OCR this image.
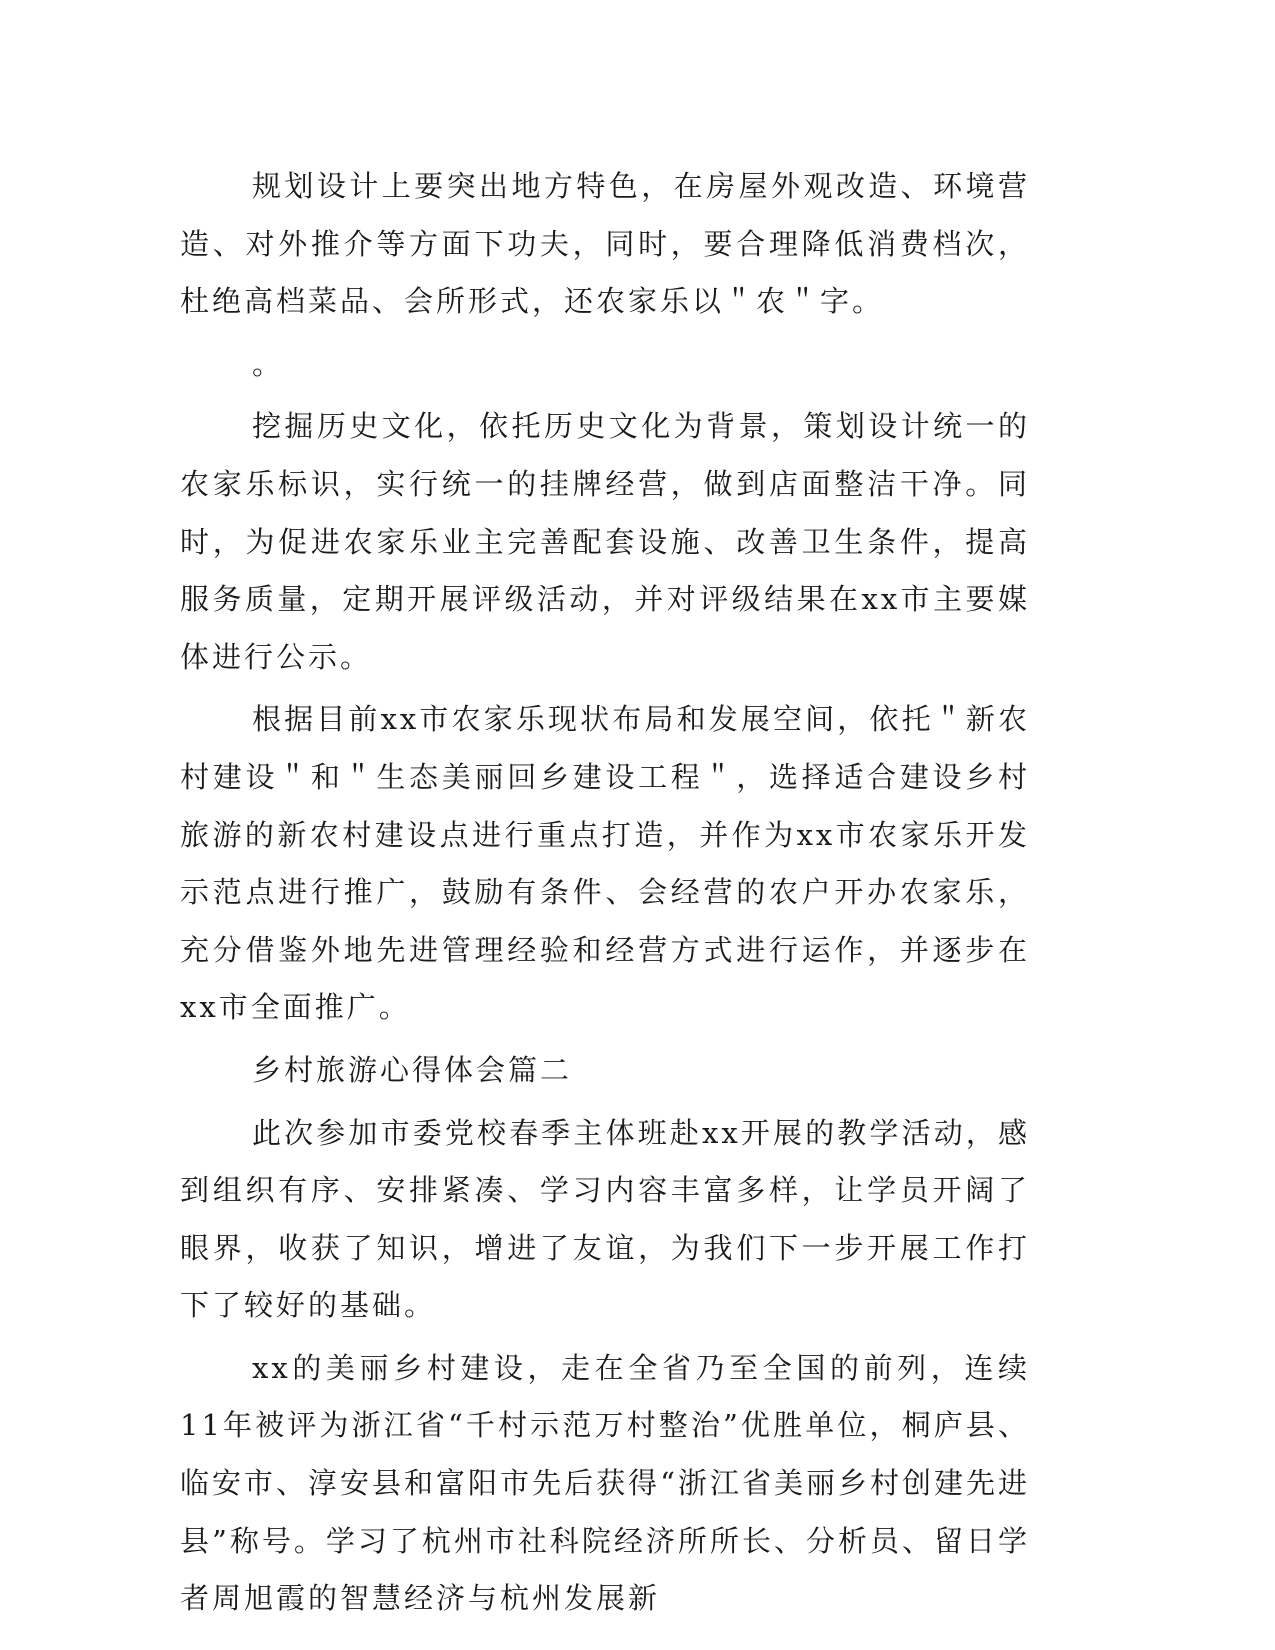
规划设计上要突出地方特色，在房屋外观改造、环境营造、对外推介等方面下功夫，同时，要合理降低消费档次，杜绝高档菜品、会所形式，还农家乐以＂农＂字。

。

挖掘历史文化，依托历史文化为背景，策划设计统一的农家乐标识，实行统一的挂牌经营，做到店面整洁干净。同时，为促进农家乐业主完善配套设施、改善卫生条件，提高服务质量，定期开展评级活动，并对评级结果在xx市主要媒体进行公示。

根据目前xx市农家乐现状布局和发展空间，依托＂新农村建设＂和＂生态美丽回乡建设工程＂，选择适合建设乡村旅游的新农村建设点进行重点打造，并作为xx市农家乐开发示范点进行推广，鼓励有条件、会经营的农户开办农家乐，充分借鉴外地先进管理经验和经营方式进行运作，并逐步在xx市全面推广。

乡村旅游心得体会篇二

此次参加市委党校春季主体班赴xx开展的教学活动，感到组织有序、安排紧凑、学习内容丰富多样，让学员开阔了眼界，收获了知识，增进了友谊，为我们下一步开展工作打下了较好的基础。

xx的美丽乡村建设，走在全省乃至全国的前列，连续11年被评为浙江省“千村示范万村整治”优胜单位，桐庐县、临安市、淳安县和富阳市先后获得“浙江省美丽乡村创建先进县”称号。学习了杭州市社科院经济所所长、分析员、留日学者周旭霞的智慧经济与杭州发展新
